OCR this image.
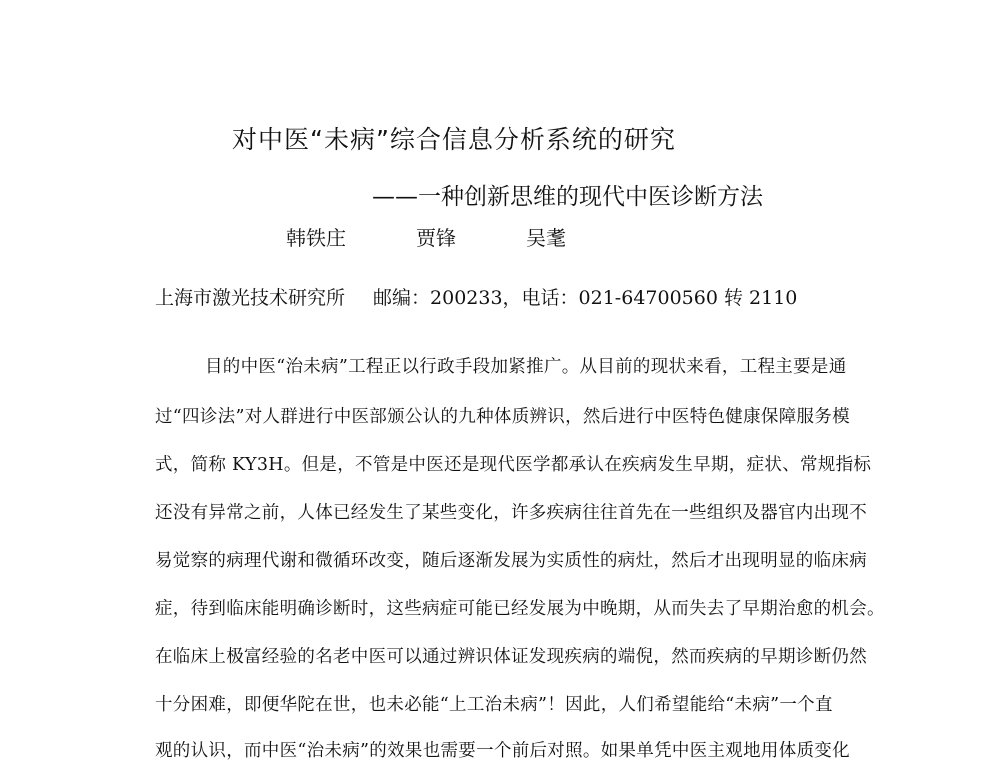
对中医“未病”综合信息分析系统的研究
——一种创新思维的现代中医诊断方法
韩铁庄	贾锋	吴耄
上海市激光技术研究所 邮编：200233，电话：021-64700560 转 2110
目的中医“治未病”工程正以行政手段加紧推广。从目前的现状来看，工程主要是通
过“四诊法”对人群进行中医部颁公认的九种体质辨识，然后进行中医特色健康保障服务模
式，简称 KY3H。但是，不管是中医还是现代医学都承认在疾病发生早期，症状、常规指标
还没有异常之前，人体已经发生了某些变化，许多疾病往往首先在一些组织及器官内出现不
易觉察的病理代谢和微循环改变，随后逐渐发展为实质性的病灶，然后才出现明显的临床病
症，待到临床能明确诊断时，这些病症可能已经发展为中晚期，从而失去了早期治愈的机会。
在临床上极富经验的名老中医可以通过辨识体证发现疾病的端倪，然而疾病的早期诊断仍然
十分困难，即便华陀在世，也未必能“上工治未病”！因此，人们希望能给“未病”一个直
观的认识，而中医“治未病”的效果也需要一个前后对照。如果单凭中医主观地用体质变化
